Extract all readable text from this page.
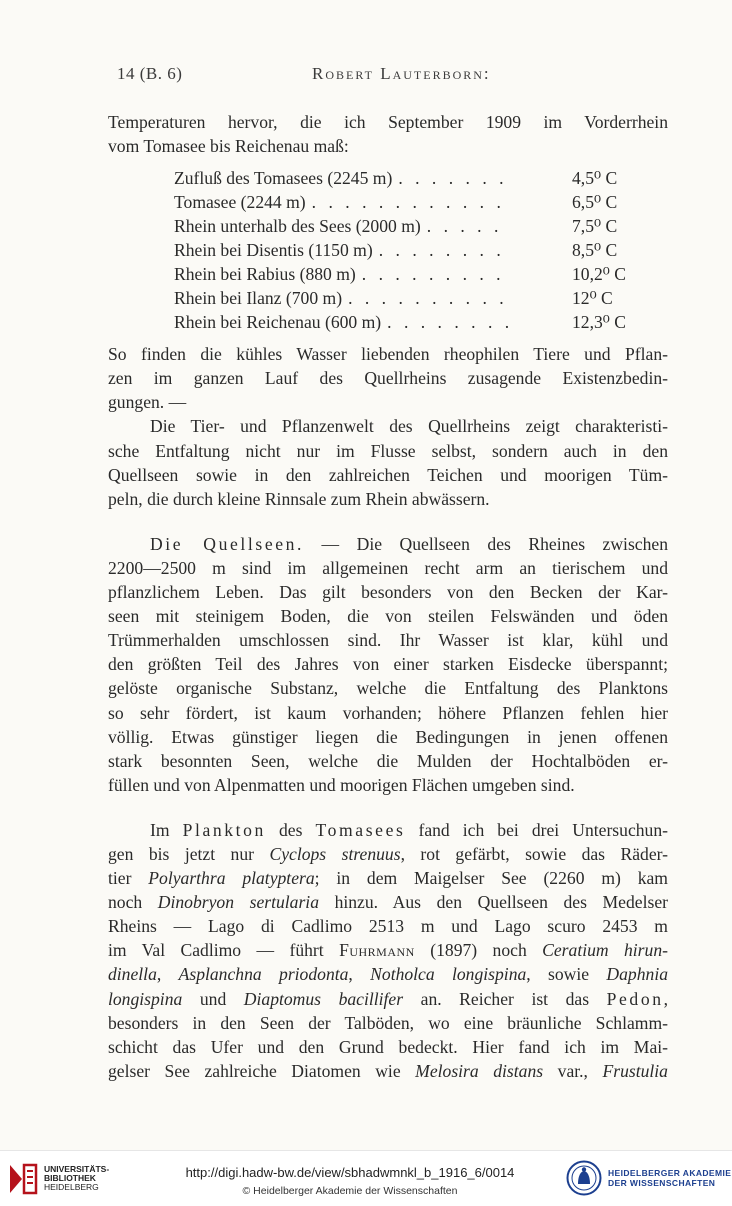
14 (B. 6)	Robert Lauterborn:
Temperaturen hervor, die ich September 1909 im Vorderrhein
vom Tomasee bis Reichenau maß:
Zufluß des Tomasees (2245 m) . . . . . . .	4,5⁰ C
Tomasee (2244 m) . . . . . . . . . . . .	6,5⁰ C
Rhein unterhalb des Sees (2000 m) . . . . .	7,5⁰ C
Rhein bei Disentis (1150 m) . . . . . . . .	8,5⁰ C
Rhein bei Rabius (880 m) . . . . . . . . .	10,2⁰ C
Rhein bei Ilanz (700 m) . . . . . . . . . .	12⁰ C
Rhein bei Reichenau (600 m) . . . . . . . .	12,3⁰ C
So finden die kühles Wasser liebenden rheophilen Tiere und Pflan-
zen im ganzen Lauf des Quellrheins zusagende Existenzbedin-
gungen. —
Die Tier- und Pflanzenwelt des Quellrheins zeigt charakteristi-
sche Entfaltung nicht nur im Flusse selbst, sondern auch in den
Quellseen sowie in den zahlreichen Teichen und moorigen Tüm-
peln, die durch kleine Rinnsale zum Rhein abwässern.
Die Quellseen. — Die Quellseen des Rheines zwischen
2200—2500 m sind im allgemeinen recht arm an tierischem und
pflanzlichem Leben. Das gilt besonders von den Becken der Kar-
seen mit steinigem Boden, die von steilen Felswänden und öden
Trümmerhalden umschlossen sind. Ihr Wasser ist klar, kühl und
den größten Teil des Jahres von einer starken Eisdecke überspannt;
gelöste organische Substanz, welche die Entfaltung des Planktons
so sehr fördert, ist kaum vorhanden; höhere Pflanzen fehlen hier
völlig. Etwas günstiger liegen die Bedingungen in jenen offenen
stark besonnten Seen, welche die Mulden der Hochtalböden er-
füllen und von Alpenmatten und moorigen Flächen umgeben sind.
Im Plankton des Tomasees fand ich bei drei Untersuchun-
gen bis jetzt nur Cyclops strenuus, rot gefärbt, sowie das Räder-
tier Polyarthra platyptera; in dem Maigelser See (2260 m) kam
noch Dinobryon sertularia hinzu. Aus den Quellseen des Medelser
Rheins — Lago di Cadlimo 2513 m und Lago scuro 2453 m
im Val Cadlimo — führt Fuhrmann (1897) noch Ceratium hirun-
dinella, Asplanchna priodonta, Notholca longispina, sowie Daphnia
longispina und Diaptomus bacillifer an. Reicher ist das Pedon,
besonders in den Seen der Talböden, wo eine bräunliche Schlamm-
schicht das Ufer und den Grund bedeckt. Hier fand ich im Mai-
gelser See zahlreiche Diatomen wie Melosira distans var., Frustulia
UNIVERSITÄTS-
BIBLIOTHEK
HEIDELBERG
http://digi.hadw-bw.de/view/sbhadwmnkl_b_1916_6/0014
© Heidelberger Akademie der Wissenschaften
HEIDELBERGER AKADEMIE
DER WISSENSCHAFTEN
